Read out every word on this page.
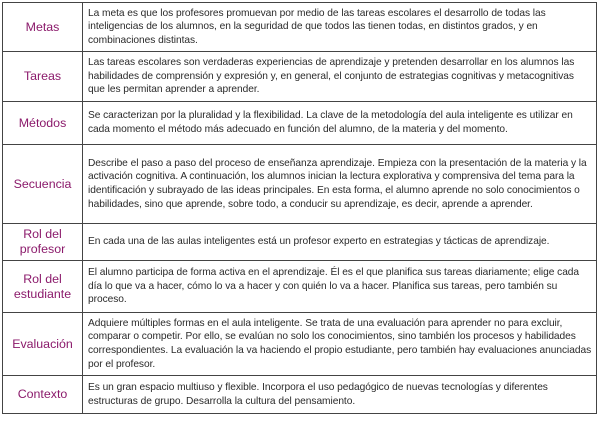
Metas	La meta es que los profesores promuevan por medio de las tareas escolares el desarrollo de todas las inteligencias de los alumnos, en la seguridad de que todos las tienen todas, en distintos grados, y en combinaciones distintas.
Tareas	Las tareas escolares son verdaderas experiencias de aprendizaje y pretenden desarrollar en los alumnos las habilidades de comprensión y expresión y, en general, el conjunto de estrategias cognitivas y metacognitivas que les permitan aprender a aprender.
Métodos	Se caracterizan por la pluralidad y la flexibilidad. La clave de la metodología del aula inteligente es utilizar en cada momento el método más adecuado en función del alumno, de la materia y del momento.
Secuencia	Describe el paso a paso del proceso de enseñanza aprendizaje. Empieza con la presentación de la materia y la activación cognitiva. A continuación, los alumnos inician la lectura explorativa y comprensiva del tema para la identificación y subrayado de las ideas principales. En esta forma, el alumno aprende no solo conocimientos o habilidades, sino que aprende, sobre todo, a conducir su aprendizaje, es decir, aprende a aprender.
Rol del profesor	En cada una de las aulas inteligentes está un profesor experto en estrategias y tácticas de aprendizaje.
Rol del estudiante	El alumno participa de forma activa en el aprendizaje. Él es el que planifica sus tareas diariamente; elige cada día lo que va a hacer, cómo lo va a hacer y con quién lo va a hacer. Planifica sus tareas, pero también su proceso.
Evaluación	Adquiere múltiples formas en el aula inteligente. Se trata de una evaluación para aprender no para excluir, comparar o competir. Por ello, se evalúan no solo los conocimientos, sino también los procesos y habilidades correspondientes. La evaluación la va haciendo el propio estudiante, pero también hay evaluaciones anunciadas por el profesor.
Contexto	Es un gran espacio multiuso y flexible. Incorpora el uso pedagógico de nuevas tecnologías y diferentes estructuras de grupo. Desarrolla la cultura del pensamiento.
